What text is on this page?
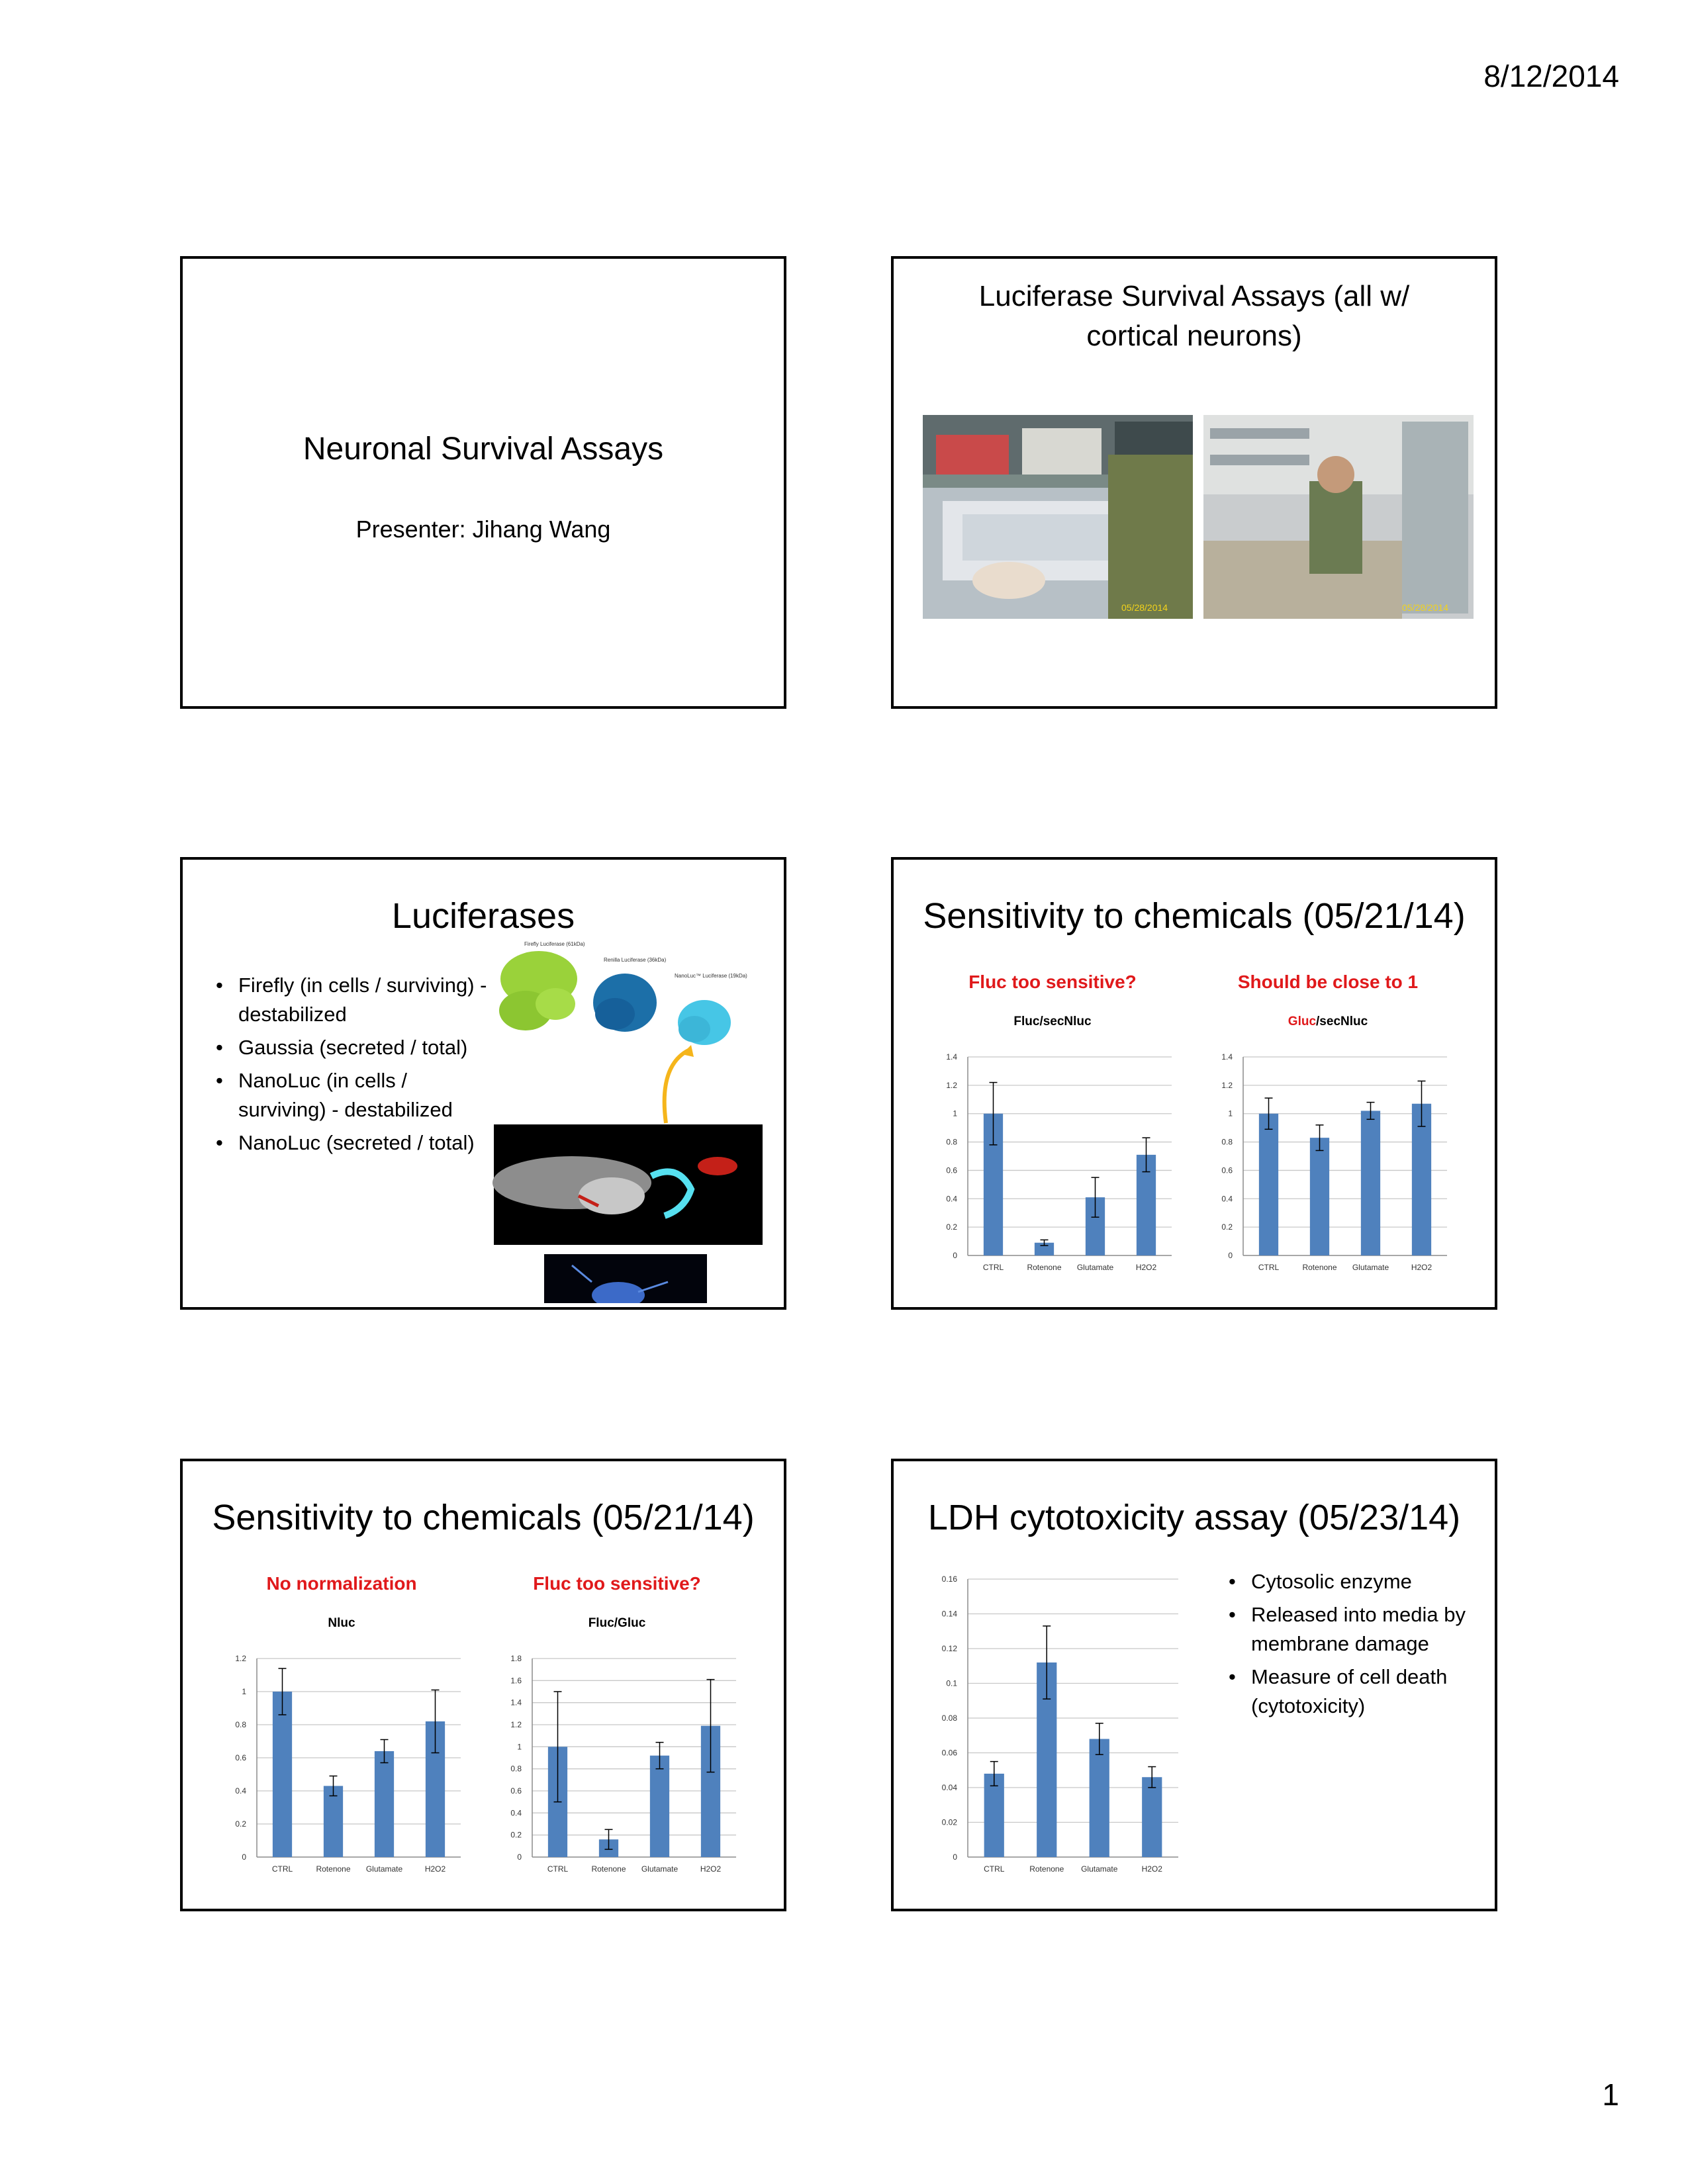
8/12/2014
Neuronal Survival Assays
Presenter: Jihang Wang
Luciferase Survival Assays (all w/ cortical neurons)
05/28/2014	05/28/2014
Luciferases
• Firefly (in cells / surviving) - destabilized
• Gaussia (secreted / total)
• NanoLuc (in cells / surviving) - destabilized
• NanoLuc (secreted / total)
Firefly Luciferase (61kDa)
Renilla Luciferase (36kDa)
NanoLuc™ Luciferase (19kDa)
Sensitivity to chemicals (05/21/14)
Fluc too sensitive?
Fluc/secNluc
0
0.2
0.4
0.6
0.8
1
1.2
1.4
CTRL	Rotenone Glutamate	H2O2
Should be close to 1
Gluc/secNluc
0
0.2
0.4
0.6
0.8
1
1.2
1.4
CTRL	Rotenone Glutamate	H2O2
Sensitivity to chemicals (05/21/14)
No normalization
Nluc
0
0.2
0.4
0.6
0.8
1
1.2
CTRL	Rotenone Glutamate	H2O2
Fluc too sensitive?
Fluc/Gluc
0
0.2
0.4
0.6
0.8
1
1.2
1.4
1.6
1.8
CTRL	Rotenone Glutamate	H2O2
LDH cytotoxicity assay (05/23/14)
0
0.02
0.04
0.06
0.08
0.1
0.12
0.14
0.16
CTRL	Rotenone Glutamate	H2O2
• Cytosolic enzyme
• Released into media by membrane damage
• Measure of cell death (cytotoxicity)
1
